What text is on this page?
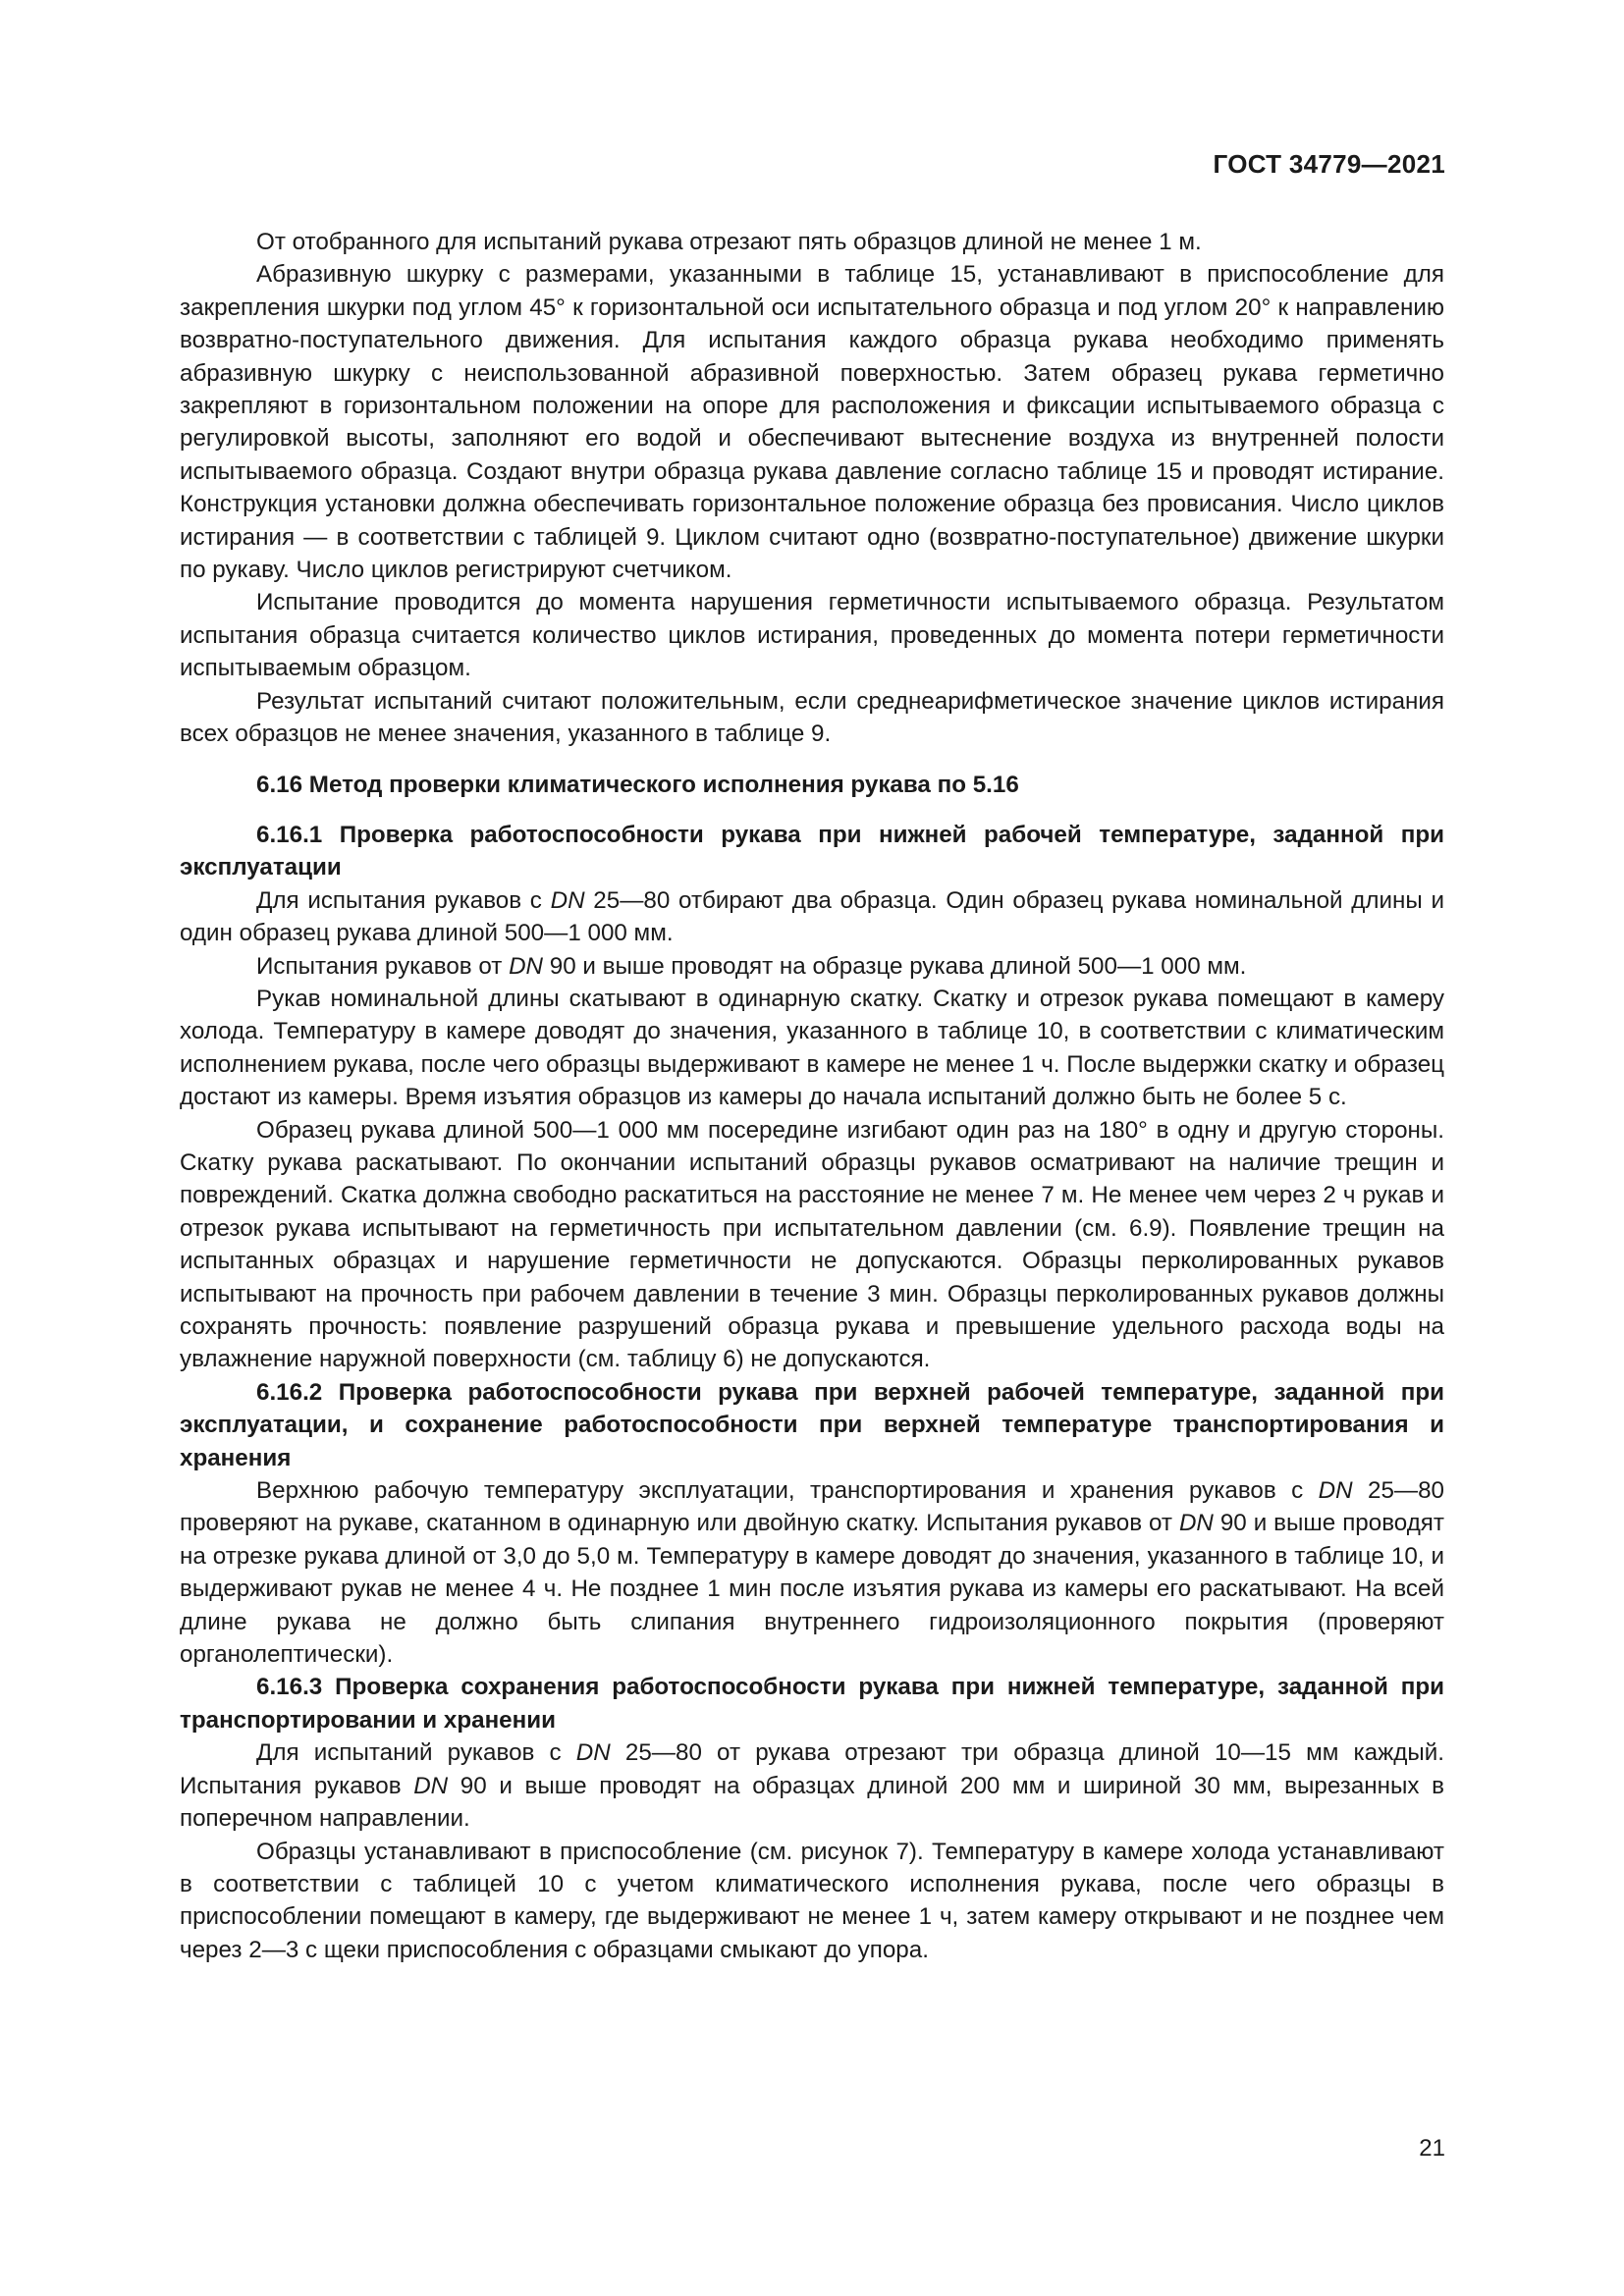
ГОСТ 34779—2021

От отобранного для испытаний рукава отрезают пять образцов длиной не менее 1 м.

Абразивную шкурку с размерами, указанными в таблице 15, устанавливают в приспособление для закрепления шкурки под углом 45° к горизонтальной оси испытательного образца и под углом 20° к направлению возвратно-поступательного движения. Для испытания каждого образца рукава необходимо применять абразивную шкурку с неиспользованной абразивной поверхностью. Затем образец рукава герметично закрепляют в горизонтальном положении на опоре для расположения и фиксации испытываемого образца с регулировкой высоты, заполняют его водой и обеспечивают вытеснение воздуха из внутренней полости испытываемого образца. Создают внутри образца рукава давление согласно таблице 15 и проводят истирание. Конструкция установки должна обеспечивать горизонтальное положение образца без провисания. Число циклов истирания — в соответствии с таблицей 9. Циклом считают одно (возвратно-поступательное) движение шкурки по рукаву. Число циклов регистрируют счетчиком.

Испытание проводится до момента нарушения герметичности испытываемого образца. Результатом испытания образца считается количество циклов истирания, проведенных до момента потери герметичности испытываемым образцом.

Результат испытаний считают положительным, если среднеарифметическое значение циклов истирания всех образцов не менее значения, указанного в таблице 9.

6.16 Метод проверки климатического исполнения рукава по 5.16

6.16.1 Проверка работоспособности рукава при нижней рабочей температуре, заданной при эксплуатации

Для испытания рукавов с DN 25—80 отбирают два образца. Один образец рукава номинальной длины и один образец рукава длиной 500—1 000 мм.

Испытания рукавов от DN 90 и выше проводят на образце рукава длиной 500—1 000 мм.

Рукав номинальной длины скатывают в одинарную скатку. Скатку и отрезок рукава помещают в камеру холода. Температуру в камере доводят до значения, указанного в таблице 10, в соответствии с климатическим исполнением рукава, после чего образцы выдерживают в камере не менее 1 ч. После выдержки скатку и образец достают из камеры. Время изъятия образцов из камеры до начала испытаний должно быть не более 5 с.

Образец рукава длиной 500—1 000 мм посередине изгибают один раз на 180° в одну и другую стороны. Скатку рукава раскатывают. По окончании испытаний образцы рукавов осматривают на наличие трещин и повреждений. Скатка должна свободно раскатиться на расстояние не менее 7 м. Не менее чем через 2 ч рукав и отрезок рукава испытывают на герметичность при испытательном давлении (см. 6.9). Появление трещин на испытанных образцах и нарушение герметичности не допускаются. Образцы перколированных рукавов испытывают на прочность при рабочем давлении в течение 3 мин. Образцы перколированных рукавов должны сохранять прочность: появление разрушений образца рукава и превышение удельного расхода воды на увлажнение наружной поверхности (см. таблицу 6) не допускаются.

6.16.2 Проверка работоспособности рукава при верхней рабочей температуре, заданной при эксплуатации, и сохранение работоспособности при верхней температуре транспортирования и хранения

Верхнюю рабочую температуру эксплуатации, транспортирования и хранения рукавов с DN 25—80 проверяют на рукаве, скатанном в одинарную или двойную скатку. Испытания рукавов от DN 90 и выше проводят на отрезке рукава длиной от 3,0 до 5,0 м. Температуру в камере доводят до значения, указанного в таблице 10, и выдерживают рукав не менее 4 ч. Не позднее 1 мин после изъятия рукава из камеры его раскатывают. На всей длине рукава не должно быть слипания внутреннего гидроизоляционного покрытия (проверяют органолептически).

6.16.3 Проверка сохранения работоспособности рукава при нижней температуре, заданной при транспортировании и хранении

Для испытаний рукавов с DN 25—80 от рукава отрезают три образца длиной 10—15 мм каждый. Испытания рукавов DN 90 и выше проводят на образцах длиной 200 мм и шириной 30 мм, вырезанных в поперечном направлении.

Образцы устанавливают в приспособление (см. рисунок 7). Температуру в камере холода устанавливают в соответствии с таблицей 10 с учетом климатического исполнения рукава, после чего образцы в приспособлении помещают в камеру, где выдерживают не менее 1 ч, затем камеру открывают и не позднее чем через 2—3 с щеки приспособления с образцами смыкают до упора.

21
